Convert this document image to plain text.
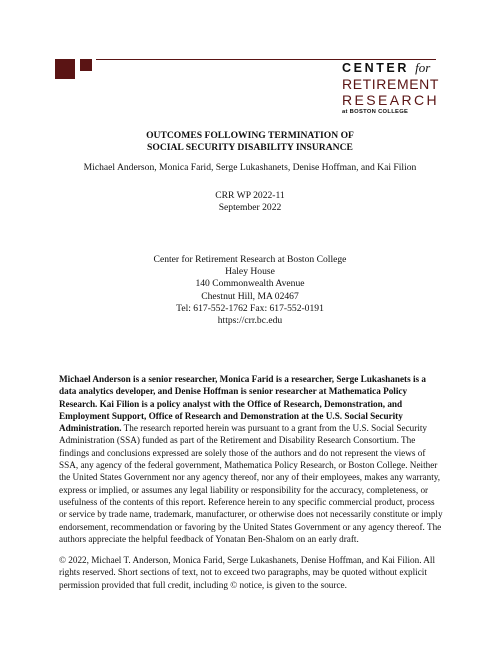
CENTER for
RETIREMENT
RESEARCH
at BOSTON COLLEGE
OUTCOMES FOLLOWING TERMINATION OF
SOCIAL SECURITY DISABILITY INSURANCE
Michael Anderson, Monica Farid, Serge Lukashanets, Denise Hoffman, and Kai Filion
CRR WP 2022-11
September 2022
Center for Retirement Research at Boston College
Haley House
140 Commonwealth Avenue
Chestnut Hill, MA 02467
Tel: 617-552-1762 Fax: 617-552-0191
https://crr.bc.edu
Michael Anderson is a senior researcher, Monica Farid is a researcher, Serge Lukashanets is a data analytics developer, and Denise Hoffman is senior researcher at Mathematica Policy Research. Kai Filion is a policy analyst with the Office of Research, Demonstration, and Employment Support, Office of Research and Demonstration at the U.S. Social Security Administration. The research reported herein was pursuant to a grant from the U.S. Social Security Administration (SSA) funded as part of the Retirement and Disability Research Consortium. The findings and conclusions expressed are solely those of the authors and do not represent the views of SSA, any agency of the federal government, Mathematica Policy Research, or Boston College. Neither the United States Government nor any agency thereof, nor any of their employees, makes any warranty, express or implied, or assumes any legal liability or responsibility for the accuracy, completeness, or usefulness of the contents of this report. Reference herein to any specific commercial product, process or service by trade name, trademark, manufacturer, or otherwise does not necessarily constitute or imply endorsement, recommendation or favoring by the United States Government or any agency thereof. The authors appreciate the helpful feedback of Yonatan Ben-Shalom on an early draft.
© 2022, Michael T. Anderson, Monica Farid, Serge Lukashanets, Denise Hoffman, and Kai Filion. All rights reserved. Short sections of text, not to exceed two paragraphs, may be quoted without explicit permission provided that full credit, including © notice, is given to the source.
